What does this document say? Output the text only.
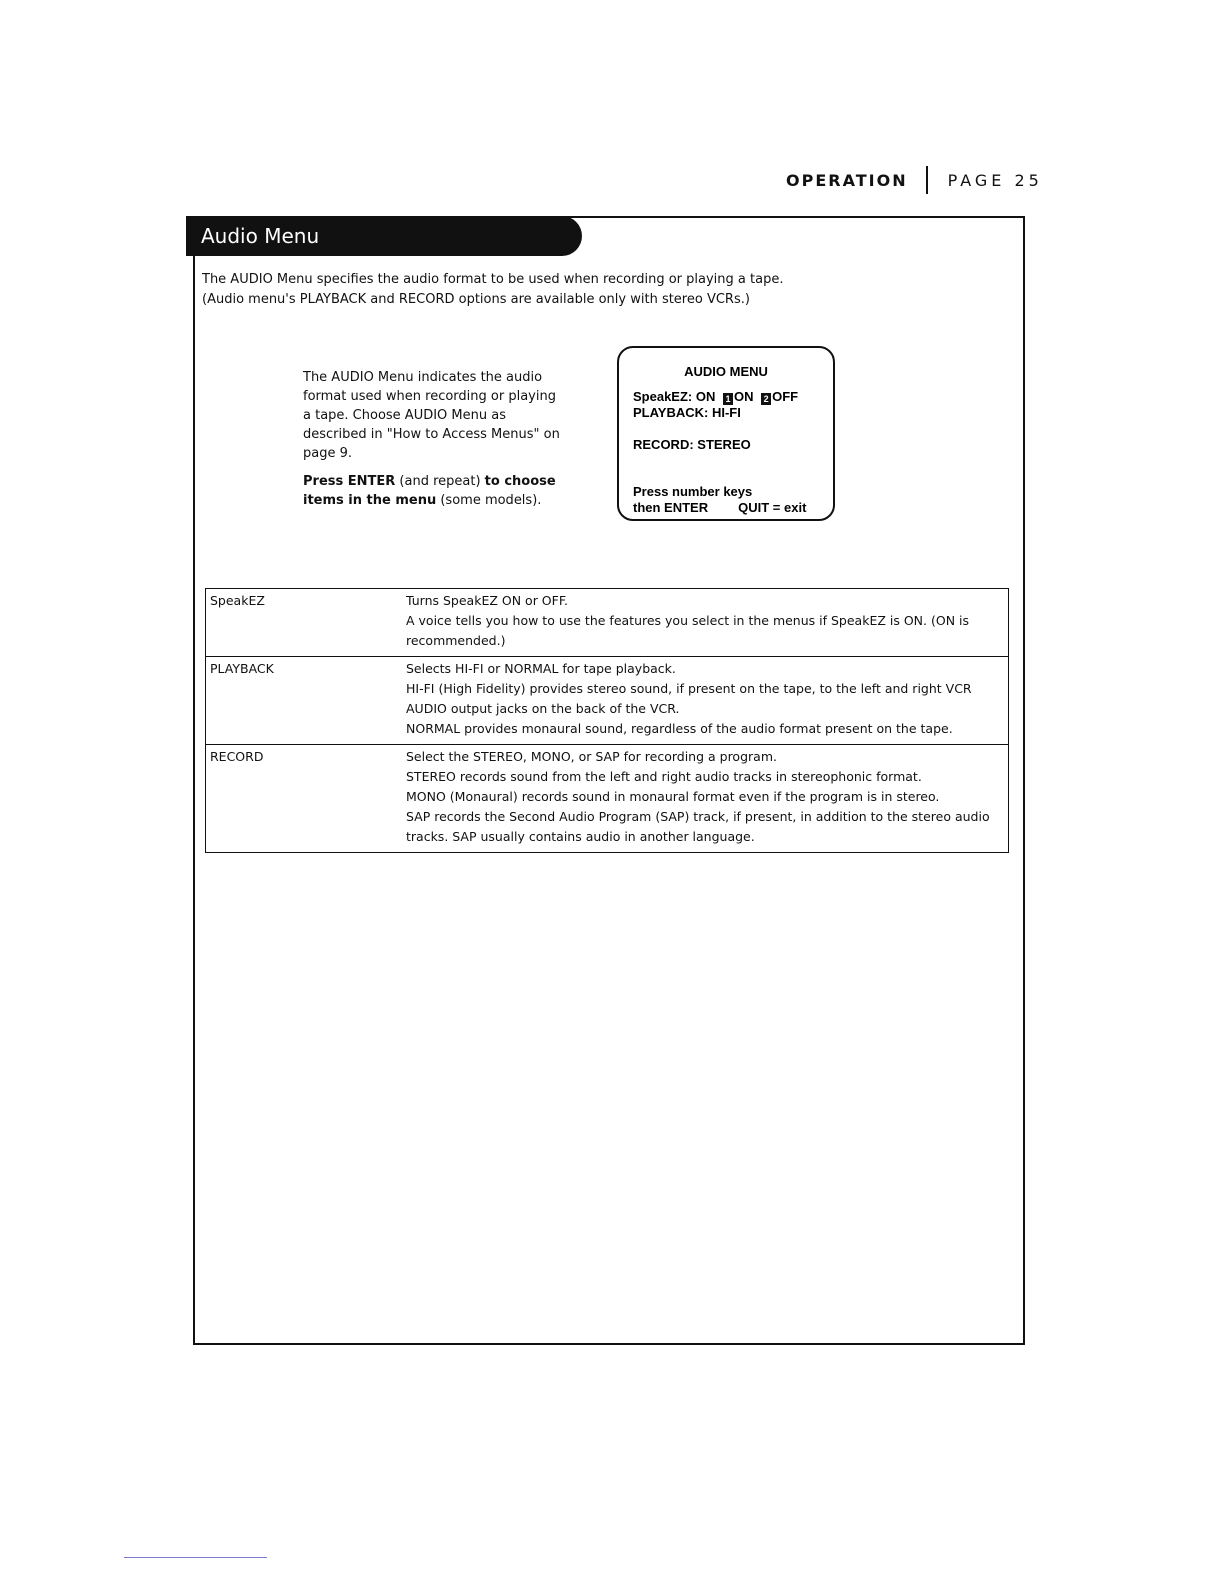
OPERATION	PAGE 25
Audio Menu

The AUDIO Menu specifies the audio format to be used when recording or playing a tape.

(Audio menu's PLAYBACK and RECORD options are available only with stereo VCRs.)

The AUDIO Menu indicates the audio

format used when recording or playing

a tape. Choose AUDIO Menu as

described in "How to Access Menus" on

page 9.

Press ENTER (and repeat) to choose
items in the menu (some models).

AUDIO MENU
SpeakEZ: ON 1 ON 2 OFF
PLAYBACK: HI-FI
RECORD: STEREO
Press number keys
then ENTER QUIT = exit
SpeakEZ	Turns SpeakEZ ON or OFF.

A voice tells you how to use the features you select in the menus if SpeakEZ is ON. (ON is recommended.)

PLAYBACK	Selects HI-FI or NORMAL for tape playback.

HI-FI (High Fidelity) provides stereo sound, if present on the tape, to the left and right VCR AUDIO output jacks on the back of the VCR.

NORMAL provides monaural sound, regardless of the audio format present on the tape.

RECORD	Select the STEREO, MONO, or SAP for recording a program.

STEREO records sound from the left and right audio tracks in stereophonic format.

MONO (Monaural) records sound in monaural format even if the program is in stereo.

SAP records the Second Audio Program (SAP) track, if present, in addition to the stereo audio tracks. SAP usually contains audio in another language.
